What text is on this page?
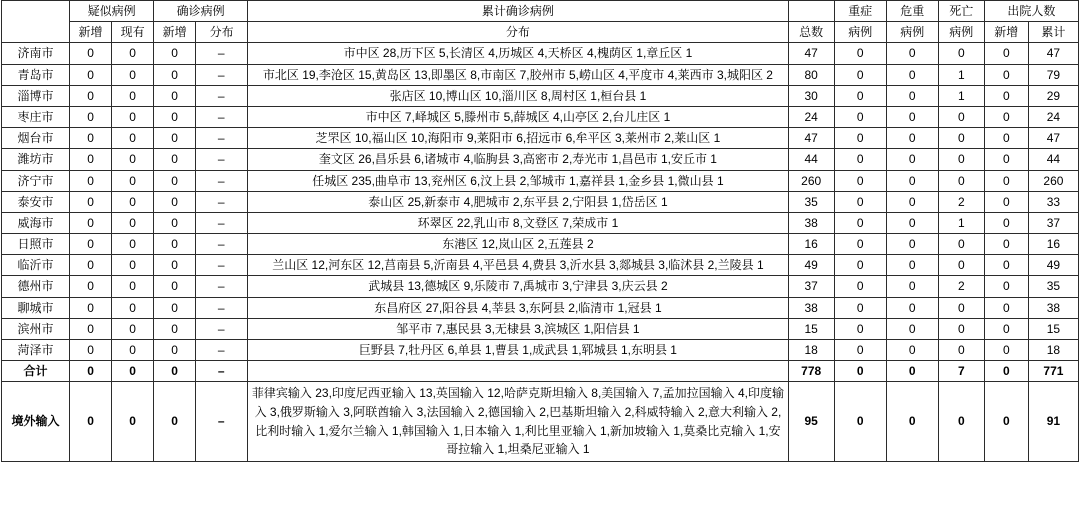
	疑似病例		确诊病例		累计确诊病例		重症	危重	死亡	出院人数	
	新增	现有	新增	分布	分布	总数	病例	病例	病例	新增	累计
济南市	0	0	0	–	市中区 28,历下区 5,长清区 4,历城区 4,天桥区 4,槐荫区 1,章丘区 1	47	0	0	0	0	47
青岛市	0	0	0	–	市北区 19,李沧区 15,黄岛区 13,即墨区 8,市南区 7,胶州市 5,崂山区 4,平度市 4,莱西市 3,城阳区 2	80	0	0	1	0	79
淄博市	0	0	0	–	张店区 10,博山区 10,淄川区 8,周村区 1,桓台县 1	30	0	0	1	0	29
枣庄市	0	0	0	–	市中区 7,峄城区 5,滕州市 5,薛城区 4,山亭区 2,台儿庄区 1	24	0	0	0	0	24
烟台市	0	0	0	–	芝罘区 10,福山区 10,海阳市 9,莱阳市 6,招远市 6,牟平区 3,莱州市 2,莱山区 1	47	0	0	0	0	47
潍坊市	0	0	0	–	奎文区 26,昌乐县 6,诸城市 4,临朐县 3,高密市 2,寿光市 1,昌邑市 1,安丘市 1	44	0	0	0	0	44
济宁市	0	0	0	–	任城区 235,曲阜市 13,兖州区 6,汶上县 2,邹城市 1,嘉祥县 1,金乡县 1,微山县 1	260	0	0	0	0	260
泰安市	0	0	0	–	泰山区 25,新泰市 4,肥城市 2,东平县 2,宁阳县 1,岱岳区 1	35	0	0	2	0	33
威海市	0	0	0	–	环翠区 22,乳山市 8,文登区 7,荣成市 1	38	0	0	1	0	37
日照市	0	0	0	–	东港区 12,岚山区 2,五莲县 2	16	0	0	0	0	16
临沂市	0	0	0	–	兰山区 12,河东区 12,莒南县 5,沂南县 4,平邑县 4,费县 3,沂水县 3,郯城县 3,临沭县 2,兰陵县 1	49	0	0	0	0	49
德州市	0	0	0	–	武城县 13,德城区 9,乐陵市 7,禹城市 3,宁津县 3,庆云县 2	37	0	0	2	0	35
聊城市	0	0	0	–	东昌府区 27,阳谷县 4,莘县 3,东阿县 2,临清市 1,冠县 1	38	0	0	0	0	38
滨州市	0	0	0	–	邹平市 7,惠民县 3,无棣县 3,滨城区 1,阳信县 1	15	0	0	0	0	15
菏泽市	0	0	0	–	巨野县 7,牡丹区 6,单县 1,曹县 1,成武县 1,郓城县 1,东明县 1	18	0	0	0	0	18
合计	0	0	0	–		778	0	0	7	0	771
境外输入	0	0	0	–	菲律宾输入 23,印度尼西亚输入 13,英国输入 12,哈萨克斯坦输入 8,美国输入 7,孟加拉国输入 4,印度输入 3,俄罗斯输入 3,阿联酋输入 3,法国输入 2,德国输入 2,巴基斯坦输入 2,科威特输入 2,意大利输入 2,比利时输入 1,爱尔兰输入 1,韩国输入 1,日本输入 1,利比里亚输入 1,新加坡输入 1,莫桑比克输入 1,安哥拉输入 1,坦桑尼亚输入 1	95	0	0	0	0	91
